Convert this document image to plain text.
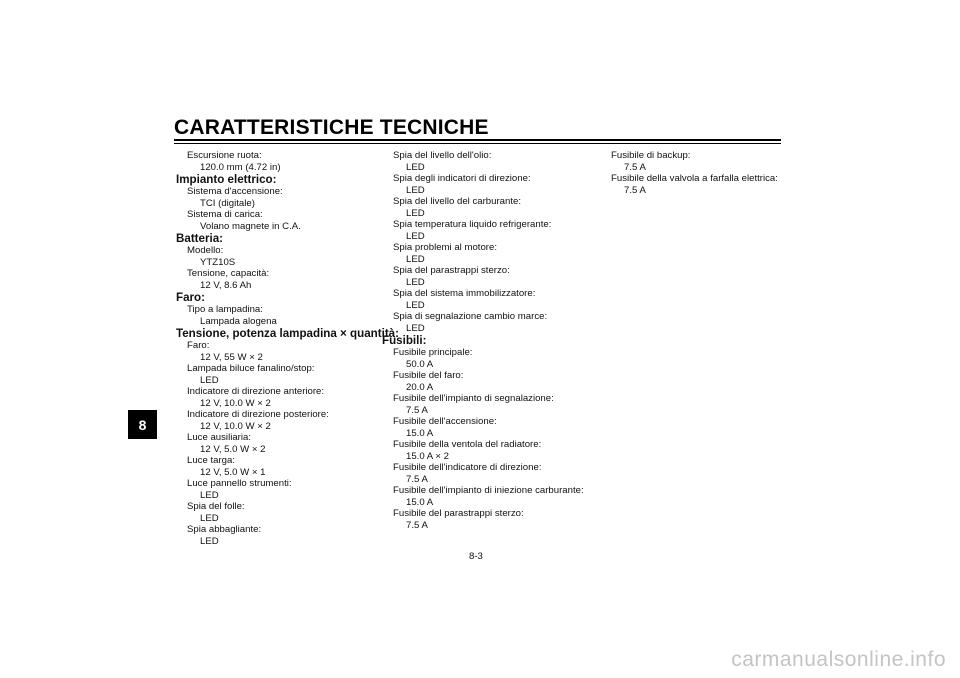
CARATTERISTICHE TECNICHE
8
Escursione ruota:
120.0 mm (4.72 in)
Impianto elettrico:
Sistema d'accensione:
TCI (digitale)
Sistema di carica:
Volano magnete in C.A.
Batteria:
Modello:
YTZ10S
Tensione, capacità:
12 V, 8.6 Ah
Faro:
Tipo a lampadina:
Lampada alogena
Tensione, potenza lampadina × quantità:
Faro:
12 V, 55 W × 2
Lampada biluce fanalino/stop:
LED
Indicatore di direzione anteriore:
12 V, 10.0 W × 2
Indicatore di direzione posteriore:
12 V, 10.0 W × 2
Luce ausiliaria:
12 V, 5.0 W × 2
Luce targa:
12 V, 5.0 W × 1
Luce pannello strumenti:
LED
Spia del folle:
LED
Spia abbagliante:
LED
Spia del livello dell'olio:
LED
Spia degli indicatori di direzione:
LED
Spia del livello del carburante:
LED
Spia temperatura liquido refrigerante:
LED
Spia problemi al motore:
LED
Spia del parastrappi sterzo:
LED
Spia del sistema immobilizzatore:
LED
Spia di segnalazione cambio marce:
LED
Fusibili:
Fusibile principale:
50.0 A
Fusibile del faro:
20.0 A
Fusibile dell'impianto di segnalazione:
7.5 A
Fusibile dell'accensione:
15.0 A
Fusibile della ventola del radiatore:
15.0 A × 2
Fusibile dell'indicatore di direzione:
7.5 A
Fusibile dell'impianto di iniezione carburante:
15.0 A
Fusibile del parastrappi sterzo:
7.5 A
Fusibile di backup:
7.5 A
Fusibile della valvola a farfalla elettrica:
7.5 A
8-3
carmanualsonline.info
